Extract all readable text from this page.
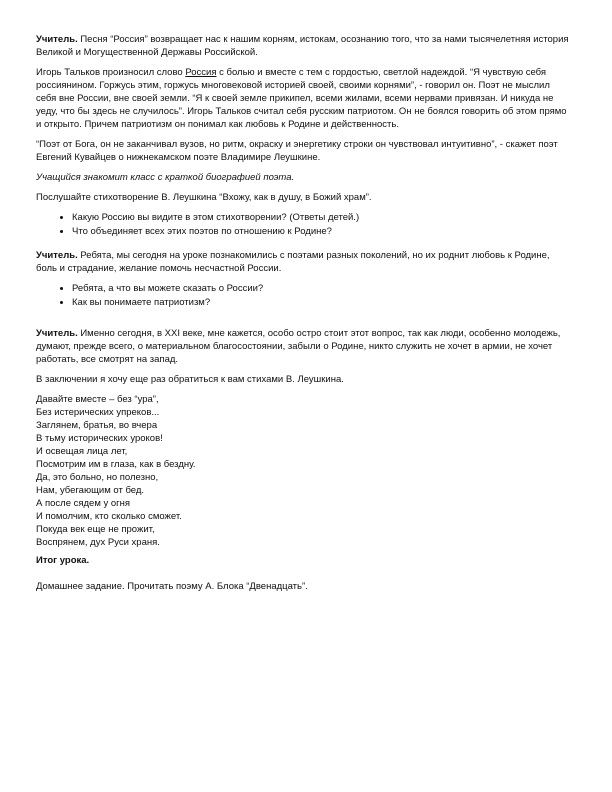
Учитель. Песня “Россия” возвращает нас к нашим корням, истокам, осознанию того, что за нами тысячелетняя история Великой и Могущественной Державы Российской.

Игорь Тальков произносил слово Россия с болью и вместе с тем с гордостью, светлой надеждой. “Я чувствую себя россиянином. Горжусь этим, горжусь многовековой историей своей, своими корнями”, - говорил он. Поэт не мыслил себя вне России, вне своей земли. “Я к своей земле прикипел, всеми жилами, всеми нервами привязан. И никуда не уеду, что бы здесь не случилось”. Игорь Тальков считал себя русским патриотом. Он не боялся говорить об этом прямо и открыто. Причем патриотизм он понимал как любовь к Родине и действенность.

“Поэт от Бога, он не заканчивал вузов, но ритм, окраску и энергетику строки он чувствовал интуитивно”, - скажет поэт Евгений Кувайцев о нижнекамском поэте Владимире Леушкине.

Учащийся знакомит класс с краткой биографией поэта.

Послушайте стихотворение В. Леушкина “Вхожу, как в душу, в Божий храм”.

• Какую Россию вы видите в этом стихотворении? (Ответы детей.)
• Что объединяет всех этих поэтов по отношению к Родине?

Учитель. Ребята, мы сегодня на уроке познакомились с поэтами разных поколений, но их роднит любовь к Родине, боль и страдание, желание помочь несчастной России.

• Ребята, а что вы можете сказать о России?
• Как вы понимаете патриотизм?

Учитель. Именно сегодня, в XXI веке, мне кажется, особо остро стоит этот вопрос, так как люди, особенно молодежь, думают, прежде всего, о материальном благосостоянии, забыли о Родине, никто служить не хочет в армии, не хочет работать, все смотрят на запад.

В заключении я хочу еще раз обратиться к вам стихами В. Леушкина.

Давайте вместе – без “ура”,
Без истерических упреков...
Заглянем, братья, во вчера
В тьму исторических уроков!
И освещая лица лет,
Посмотрим им в глаза, как в бездну.
Да, это больно, но полезно,
Нам, убегающим от бед.
А после сядем у огня
И помолчим, кто сколько сможет.
Покуда век еще не прожит,
Воспрянем, дух Руси храня.
Итог урока.

Домашнее задание. Прочитать поэму А. Блока “Двенадцать”.
